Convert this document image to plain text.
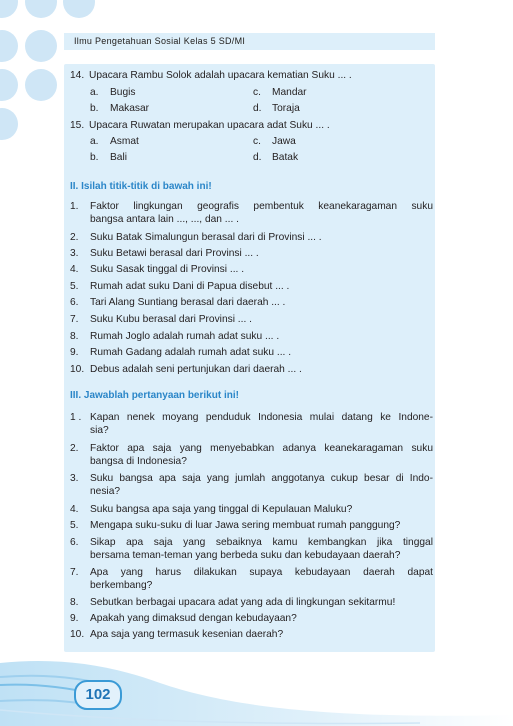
Ilmu Pengetahuan Sosial Kelas 5 SD/MI
14. Upacara Rambu Solok adalah upacara kematian Suku ... .
a. Bugis	c. Mandar
b. Makasar	d. Toraja
15. Upacara Ruwatan merupakan upacara adat Suku ... .
a. Asmat	c. Jawa
b. Bali	d. Batak
II. Isilah titik-titik di bawah ini!
1. Faktor lingkungan geografis pembentuk keanekaragaman suku
bangsa antara lain ..., ..., dan ... .
2. Suku Batak Simalungun berasal dari di Provinsi ... .
3. Suku Betawi berasal dari Provinsi ... .
4. Suku Sasak tinggal di Provinsi ... .
5. Rumah adat suku Dani di Papua disebut ... .
6. Tari Alang Suntiang berasal dari daerah ... .
7. Suku Kubu berasal dari Provinsi ... .
8. Rumah Joglo adalah rumah adat suku ... .
9. Rumah Gadang adalah rumah adat suku ... .
10. Debus adalah seni pertunjukan dari daerah ... .
III. Jawablah pertanyaan berikut ini!
1 . Kapan nenek moyang penduduk Indonesia mulai datang ke Indone-
sia?
2. Faktor apa saja yang menyebabkan adanya keanekaragaman suku
bangsa di Indonesia?
3. Suku bangsa apa saja yang jumlah anggotanya cukup besar di Indo-
nesia?
4. Suku bangsa apa saja yang tinggal di Kepulauan Maluku?
5. Mengapa suku-suku di luar Jawa sering membuat rumah panggung?
6. Sikap apa saja yang sebaiknya kamu kembangkan jika tinggal
bersama teman-teman yang berbeda suku dan kebudayaan daerah?
7. Apa yang harus dilakukan supaya kebudayaan daerah dapat
berkembang?
8. Sebutkan berbagai upacara adat yang ada di lingkungan sekitarmu!
9. Apakah yang dimaksud dengan kebudayaan?
10. Apa saja yang termasuk kesenian daerah?
102
